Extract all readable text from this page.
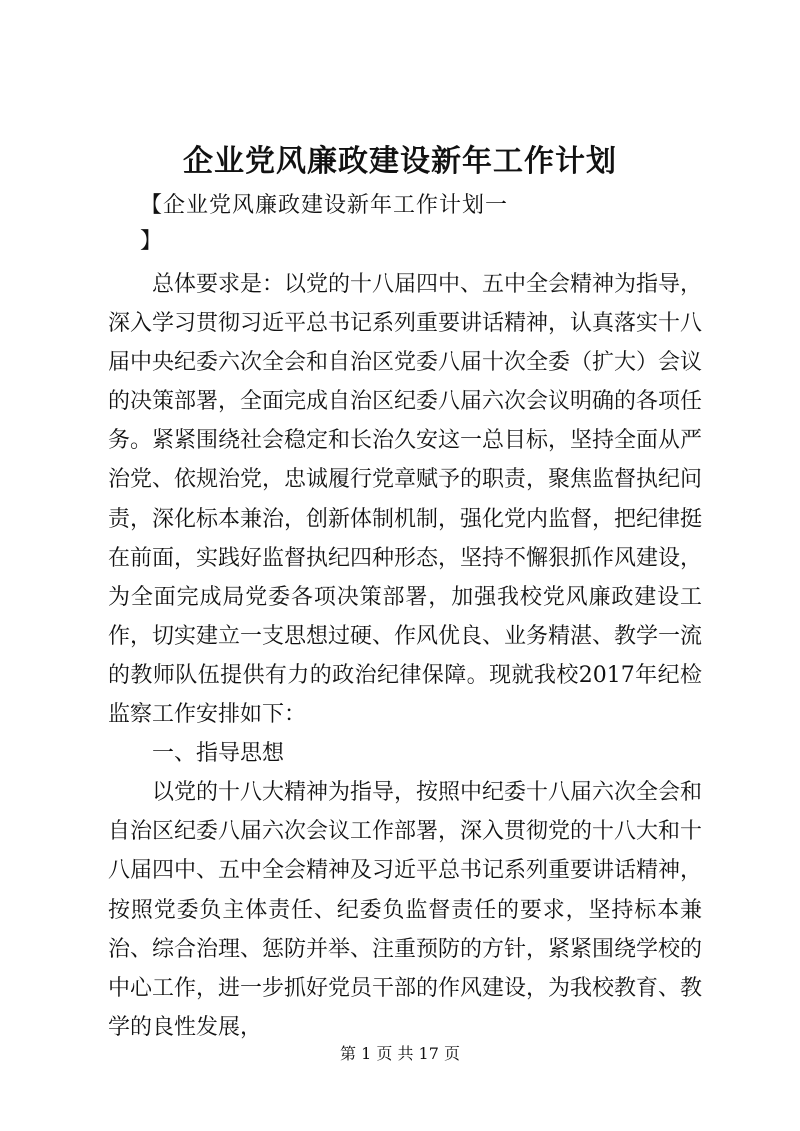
企业党风廉政建设新年工作计划
【企业党风廉政建设新年工作计划一
】

总体要求是：以党的十八届四中、五中全会精神为指导，深入学习贯彻习近平总书记系列重要讲话精神，认真落实十八届中央纪委六次全会和自治区党委八届十次全委（扩大）会议的决策部署，全面完成自治区纪委八届六次会议明确的各项任务。紧紧围绕社会稳定和长治久安这一总目标，坚持全面从严治党、依规治党，忠诚履行党章赋予的职责，聚焦监督执纪问责，深化标本兼治，创新体制机制，强化党内监督，把纪律挺在前面，实践好监督执纪四种形态，坚持不懈狠抓作风建设，为全面完成局党委各项决策部署，加强我校党风廉政建设工作，切实建立一支思想过硬、作风优良、业务精湛、教学一流的教师队伍提供有力的政治纪律保障。现就我校2017年纪检监察工作安排如下：

一、指导思想

以党的十八大精神为指导，按照中纪委十八届六次全会和自治区纪委八届六次会议工作部署，深入贯彻党的十八大和十八届四中、五中全会精神及习近平总书记系列重要讲话精神，按照党委负主体责任、纪委负监督责任的要求，坚持标本兼治、综合治理、惩防并举、注重预防的方针，紧紧围绕学校的中心工作，进一步抓好党员干部的作风建设，为我校教育、教学的良性发展，

第 1 页 共 17 页
